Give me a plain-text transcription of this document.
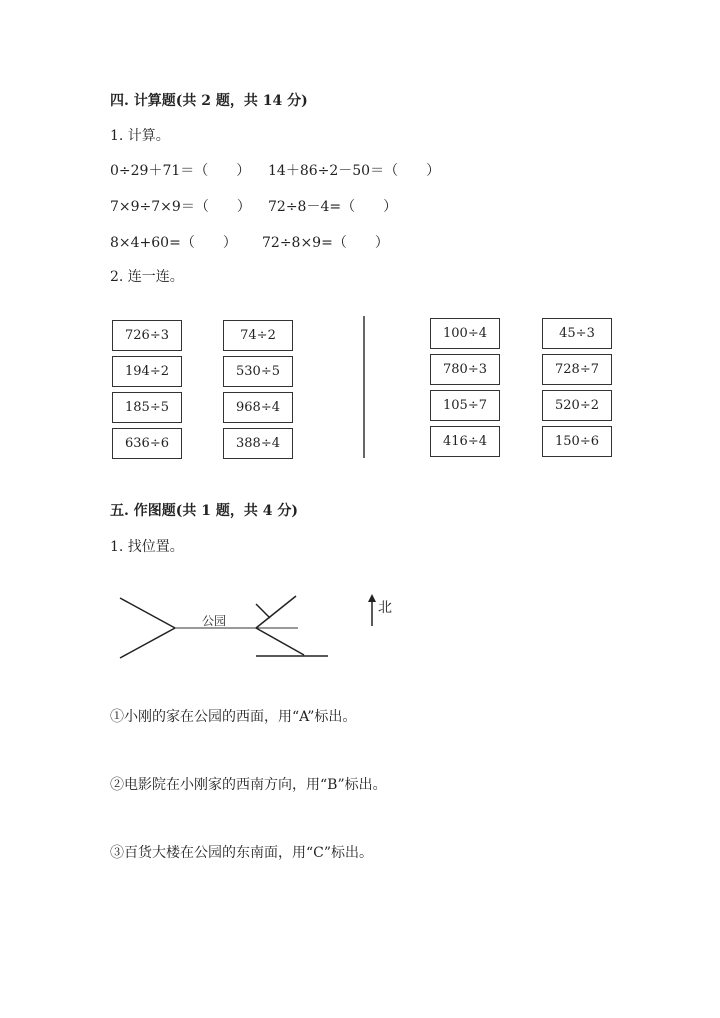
四. 计算题(共 2 题，共 14 分)
1. 计算。
0÷29＋71＝（　　） 14＋86÷2－50＝（　　）
7×9÷7×9＝（　　） 72÷8－4=（　　）
8×4+60=（　　） 72÷8×9=（　　）
2. 连一连。
726÷3
194÷2
185÷5
636÷6
74÷2
530÷5
968÷4
388÷4
100÷4
780÷3
105÷7
416÷4
45÷3
728÷7
520÷2
150÷6
五. 作图题(共 1 题，共 4 分)
1. 找位置。
公园
北
①小刚的家在公园的西面，用“A”标出。
②电影院在小刚家的西南方向，用“B”标出。
③百货大楼在公园的东南面，用“C”标出。
